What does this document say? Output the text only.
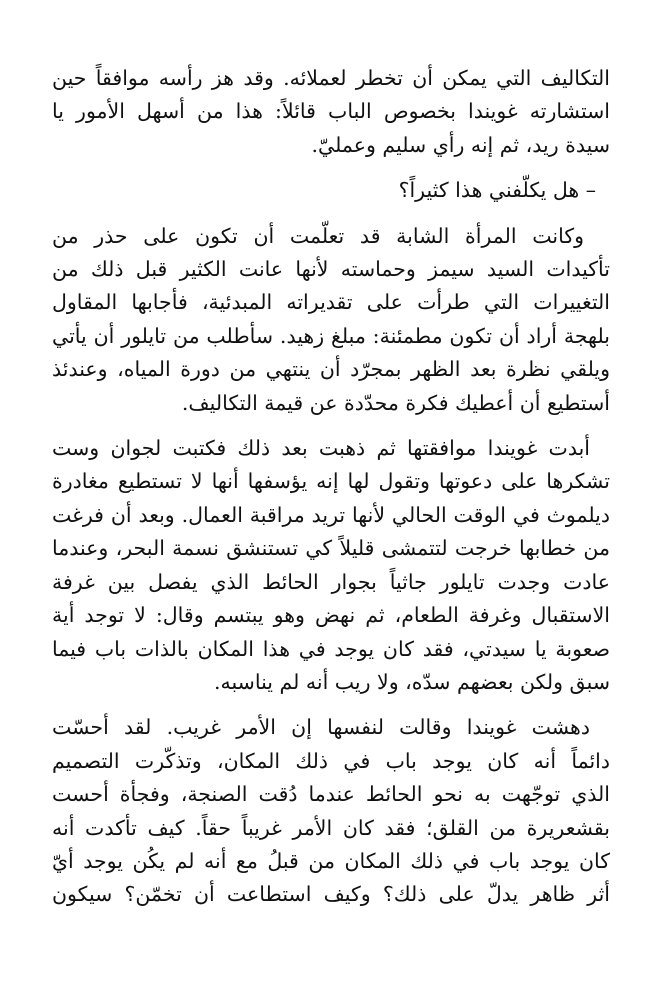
التكاليف التي يمكن أن تخطر لعملائه. وقد هز رأسه موافقاً حين
استشارته غويندا بخصوص الباب قائلاً: هذا من أسهل الأمور يا
سيدة ريد، ثم إنه رأي سليم وعمليّ.

– هل يكلّفني هذا كثيراً؟

وكانت المرأة الشابة قد تعلّمت أن تكون على حذر من
تأكيدات السيد سيمز وحماسته لأنها عانت الكثير قبل ذلك من
التغييرات التي طرأت على تقديراته المبدئية، فأجابها المقاول
بلهجة أراد أن تكون مطمئنة: مبلغ زهيد. سأطلب من تايلور أن يأتي
ويلقي نظرة بعد الظهر بمجرّد أن ينتهي من دورة المياه، وعندئذ
أستطيع أن أعطيك فكرة محدّدة عن قيمة التكاليف.

أبدت غويندا موافقتها ثم ذهبت بعد ذلك فكتبت لجوان وست
تشكرها على دعوتها وتقول لها إنه يؤسفها أنها لا تستطيع مغادرة
ديلموث في الوقت الحالي لأنها تريد مراقبة العمال. وبعد أن فرغت
من خطابها خرجت لتتمشى قليلاً كي تستنشق نسمة البحر، وعندما
عادت وجدت تايلور جاثياً بجوار الحائط الذي يفصل بين غرفة
الاستقبال وغرفة الطعام، ثم نهض وهو يبتسم وقال: لا توجد أية
صعوبة يا سيدتي، فقد كان يوجد في هذا المكان بالذات باب فيما
سبق ولكن بعضهم سدّه، ولا ريب أنه لم يناسبه.

دهشت غويندا وقالت لنفسها إن الأمر غريب. لقد أحسّت
دائماً أنه كان يوجد باب في ذلك المكان، وتذكّرت التصميم
الذي توجّهت به نحو الحائط عندما دُقت الصنجة، وفجأة أحست
بقشعريرة من القلق؛ فقد كان الأمر غريباً حقاً. كيف تأكدت أنه
كان يوجد باب في ذلك المكان من قبلُ مع أنه لم يكُن يوجد أيّ
أثر ظاهر يدلّ على ذلك؟ وكيف استطاعت أن تخمّن؟ سيكون
